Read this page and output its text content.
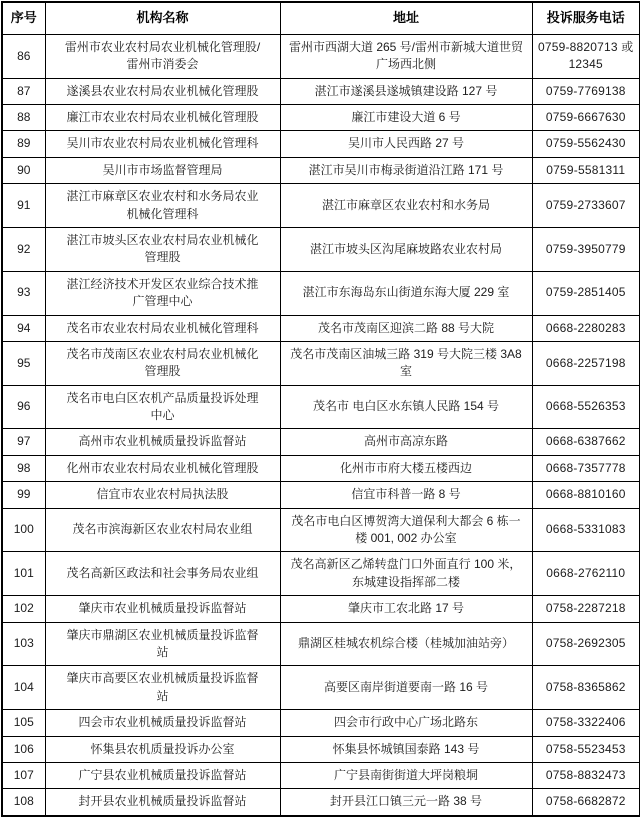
序号	机构名称	地址	投诉服务电话
86	雷州市农业农村局农业机械化管理股/雷州市消委会	雷州市西湖大道 265 号/雷州市新城大道世贸广场西北侧	0759-8820713 或 12345
87	遂溪县农业农村局农业机械化管理股	湛江市遂溪县遂城镇建设路 127 号	0759-7769138
88	廉江市农业农村局农业机械化管理股	廉江市建设大道 6 号	0759-6667630
89	吴川市农业农村局农业机械化管理科	吴川市人民西路 27 号	0759-5562430
90	吴川市市场监督管理局	湛江市吴川市梅录街道沿江路 171 号	0759-5581311
91	湛江市麻章区农业农村和水务局农业机械化管理科	湛江市麻章区农业农村和水务局	0759-2733607
92	湛江市坡头区农业农村局农业机械化管理股	湛江市坡头区沟尾麻坡路农业农村局	0759-3950779
93	湛江经济技术开发区农业综合技术推广管理中心	湛江市东海岛东山街道东海大厦 229 室	0759-2851405
94	茂名市农业农村局农业机械化管理科	茂名市茂南区迎滨二路 88 号大院	0668-2280283
95	茂名市茂南区农业农村局农业机械化管理股	茂名市茂南区油城三路 319 号大院三楼 3A8 室	0668-2257198
96	茂名市电白区农机产品质量投诉处理中心	茂名市 电白区水东镇人民路 154 号	0668-5526353
97	高州市农业机械质量投诉监督站	高州市高凉东路	0668-6387662
98	化州市农业农村局农业机械化管理股	化州市市府大楼五楼西边	0668-7357778
99	信宜市农业农村局执法股	信宜市科普一路 8 号	0668-8810160
100	茂名市滨海新区农业农村局农业组	茂名市电白区博贺湾大道保利大都会 6 栋一楼 001, 002 办公室	0668-5331083
101	茂名高新区政法和社会事务局农业组	茂名高新区乙烯转盘门口外面直行 100 米，东城建设指挥部二楼	0668-2762110
102	肇庆市农业机械质量投诉监督站	肇庆市工农北路 17 号	0758-2287218
103	肇庆市鼎湖区农业机械质量投诉监督站	鼎湖区桂城农机综合楼（桂城加油站旁）	0758-2692305
104	肇庆市高要区农业机械质量投诉监督站	高要区南岸街道要南一路 16 号	0758-8365862
105	四会市农业机械质量投诉监督站	四会市行政中心广场北路东	0758-3322406
106	怀集县农机质量投诉办公室	怀集县怀城镇国泰路 143 号	0758-5523453
107	广宁县农业机械质量投诉监督站	广宁县南街街道大坪岗粮垌	0758-8832473
108	封开县农业机械质量投诉监督站	封开县江口镇三元一路 38 号	0758-6682872
